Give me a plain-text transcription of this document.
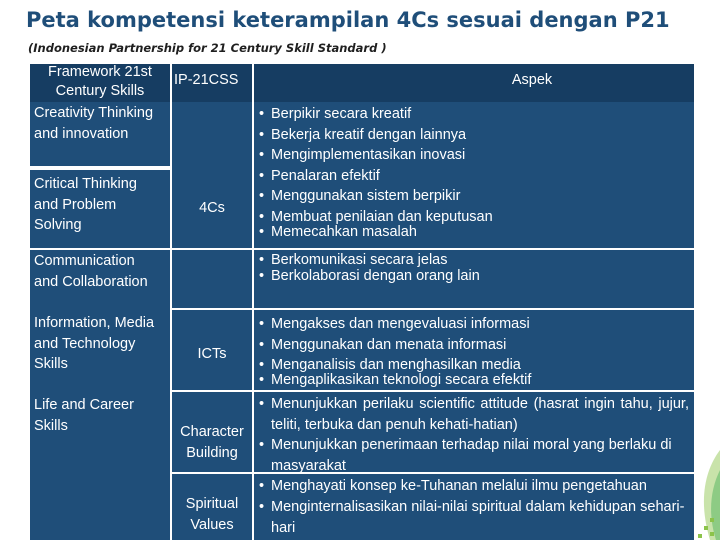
Peta kompetensi keterampilan 4Cs sesuai dengan P21

(Indonesian Partnership for 21 Century Skill Standard )

Framework 21st Century Skills
Creativity Thinking and innovation
Critical Thinking and Problem Solving
Communication and Collaboration
Information, Media and Technology Skills
Life and Career Skills
IP-21CSS
4Cs
ICTs
Character Building
Spiritual Values
Aspek
• Berpikir secara kreatif
• Bekerja kreatif dengan lainnya
• Mengimplementasikan inovasi
• Penalaran efektif
• Menggunakan sistem berpikir
• Membuat penilaian dan keputusan
• Memecahkan masalah
• Berkomunikasi secara jelas
• Berkolaborasi dengan orang lain
• Mengakses dan mengevaluasi informasi
• Menggunakan dan menata informasi
• Menganalisis dan menghasilkan media
• Mengaplikasikan teknologi secara efektif
• Menunjukkan perilaku scientific attitude (hasrat ingin tahu, jujur, teliti, terbuka dan penuh kehati-hatian)
• Menunjukkan penerimaan terhadap nilai moral yang berlaku di masyarakat
• Menghayati konsep ke-Tuhanan melalui ilmu pengetahuan
• Menginternalisasikan nilai-nilai spiritual dalam kehidupan sehari-hari
